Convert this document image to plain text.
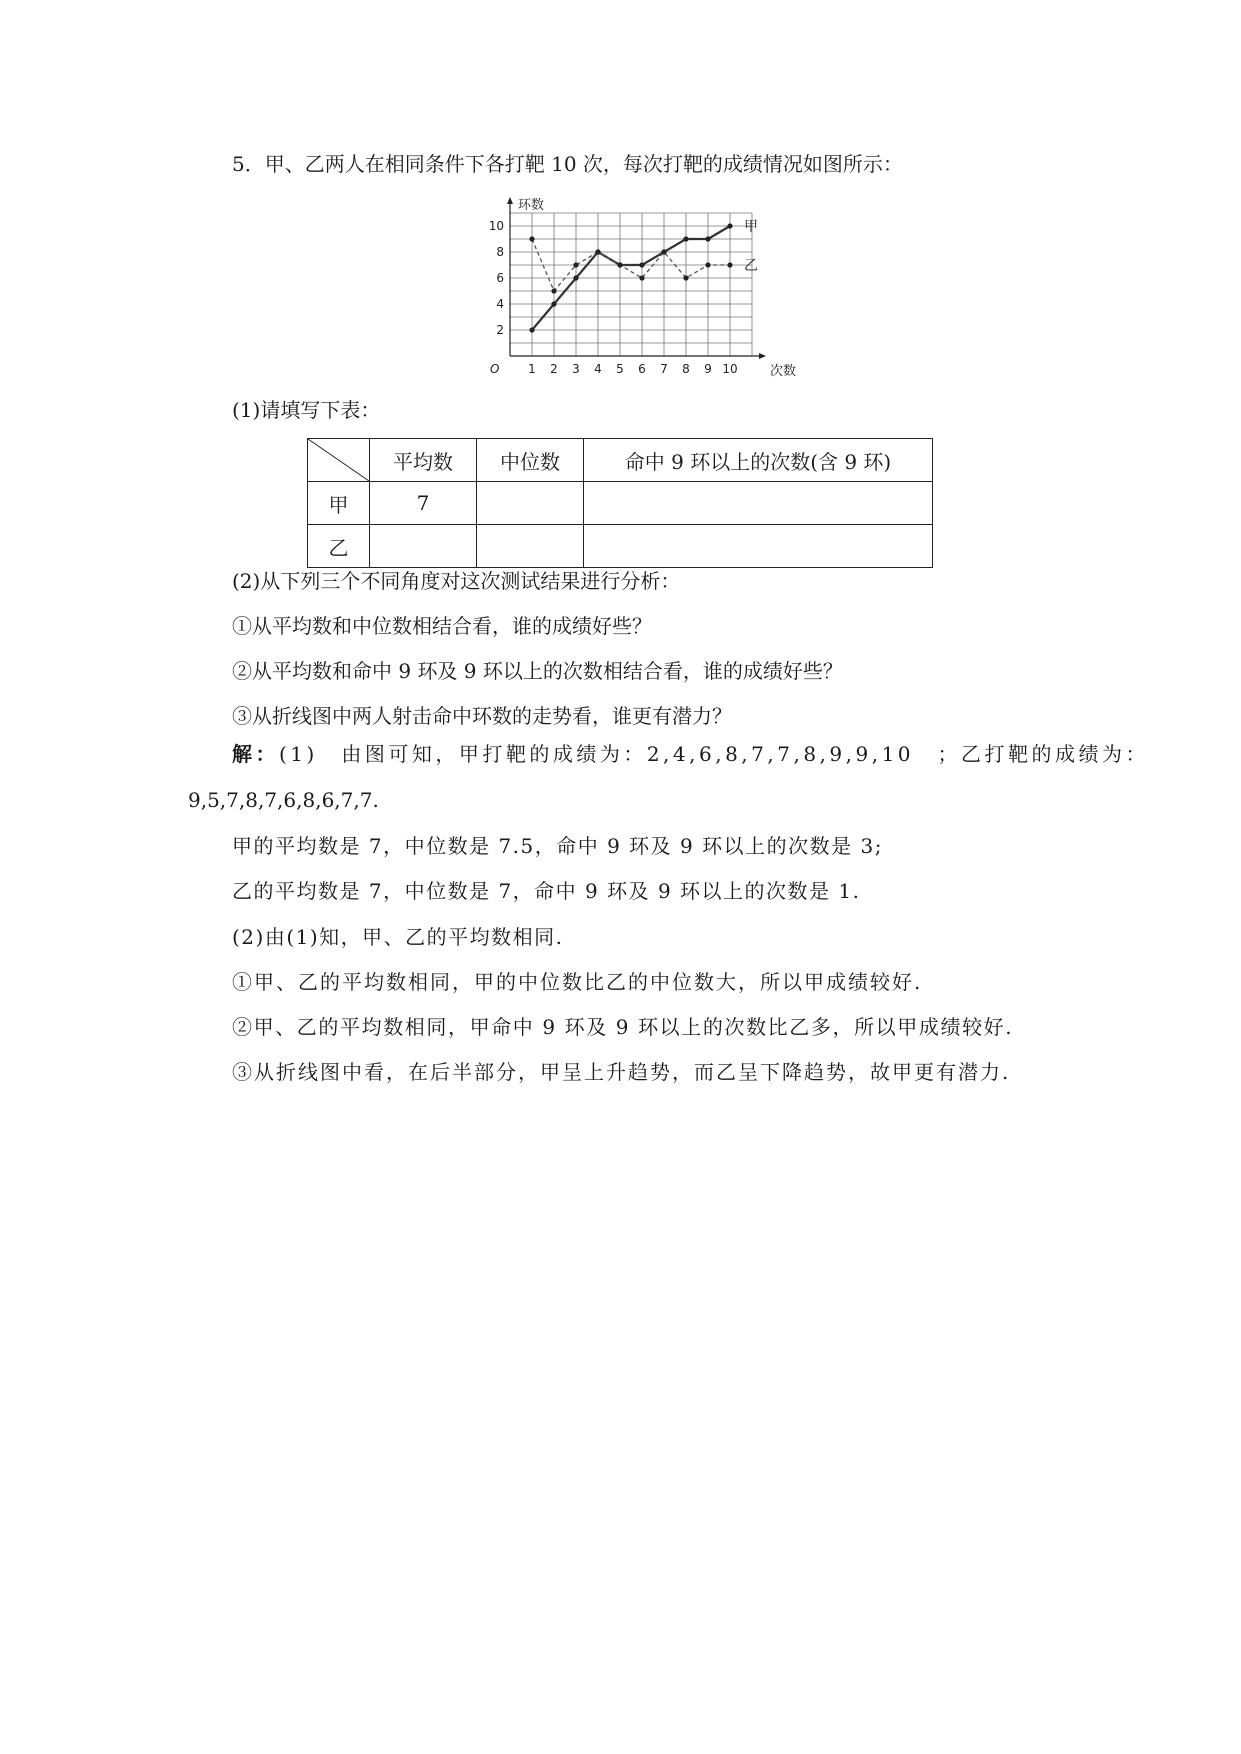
5．甲、乙两人在相同条件下各打靶 10 次，每次打靶的成绩情况如图所示：
1 2 3 4 5 6 7 8 9 10
2
4
6
8
10
O
环数
次数
甲
乙
(1)请填写下表：
	平均数	中位数	命中 9 环以上的次数(含 9 环)
甲	7		
乙			
(2)从下列三个不同角度对这次测试结果进行分析：
①从平均数和中位数相结合看，谁的成绩好些？
②从平均数和命中 9 环及 9 环以上的次数相结合看，谁的成绩好些？
③从折线图中两人射击命中环数的走势看，谁更有潜力？
解：(1)　由图可知，甲打靶的成绩为：2,4,6,8,7,7,8,9,9,10　；乙打靶的成绩为：
9,5,7,8,7,6,8,6,7,7.
甲的平均数是 7，中位数是 7.5，命中 9 环及 9 环以上的次数是 3;
乙的平均数是 7，中位数是 7，命中 9 环及 9 环以上的次数是 1.
(2)由(1)知，甲、乙的平均数相同.
①甲、乙的平均数相同，甲的中位数比乙的中位数大，所以甲成绩较好.
②甲、乙的平均数相同，甲命中 9 环及 9 环以上的次数比乙多，所以甲成绩较好.
③从折线图中看，在后半部分，甲呈上升趋势，而乙呈下降趋势，故甲更有潜力.
